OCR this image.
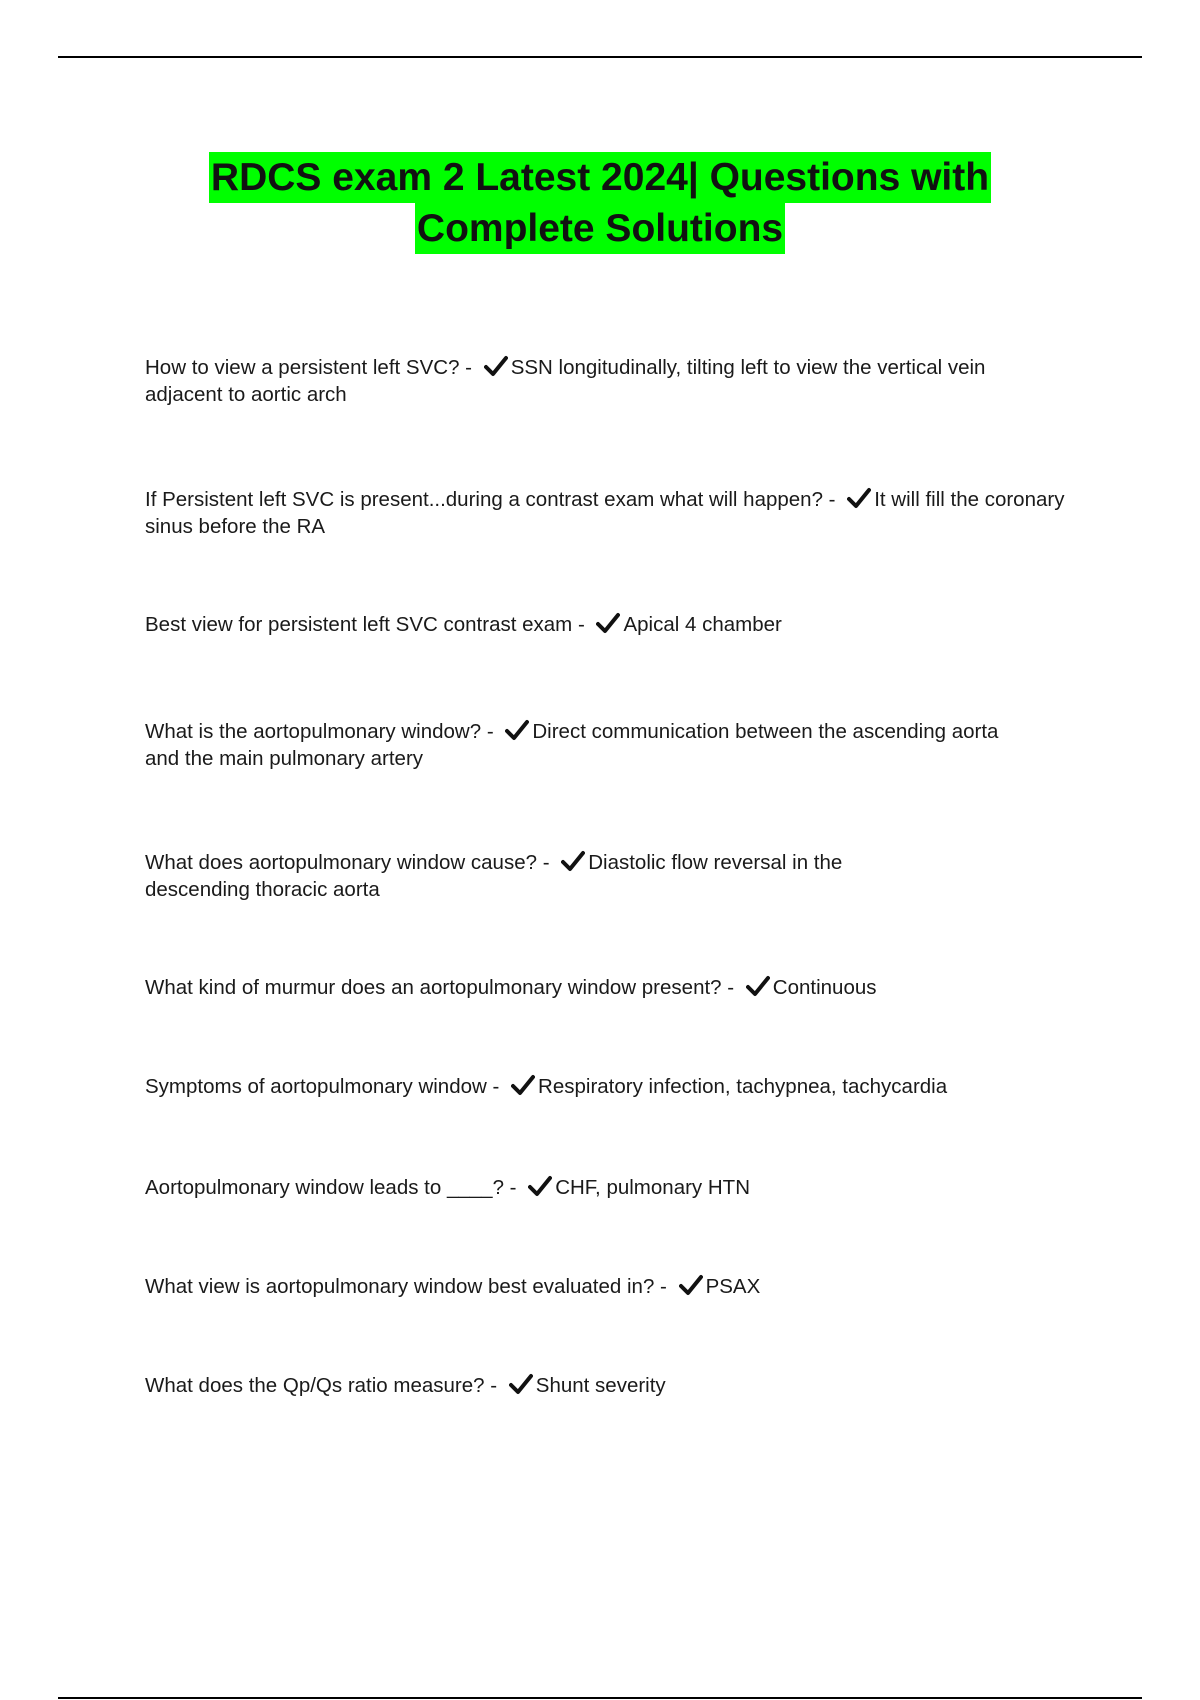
RDCS exam 2 Latest 2024| Questions with
Complete Solutions
How to view a persistent left SVC? -
SSN longitudinally, tilting left to view the vertical vein adjacent to aortic arch
If Persistent left SVC is present...during a contrast exam what will happen? -
It will fill the coronary sinus before the RA
Best view for persistent left SVC contrast exam -
Apical 4 chamber
What is the aortopulmonary window? -
Direct communication between the ascending aorta and the main pulmonary artery
What does aortopulmonary window cause? -
Diastolic flow reversal in the descending thoracic aorta
What kind of murmur does an aortopulmonary window present? -
Continuous
Symptoms of aortopulmonary window -
Respiratory infection, tachypnea, tachycardia
Aortopulmonary window leads to ____? -
CHF, pulmonary HTN
What view is aortopulmonary window best evaluated in? -
PSAX
What does the Qp/Qs ratio measure? -
Shunt severity
